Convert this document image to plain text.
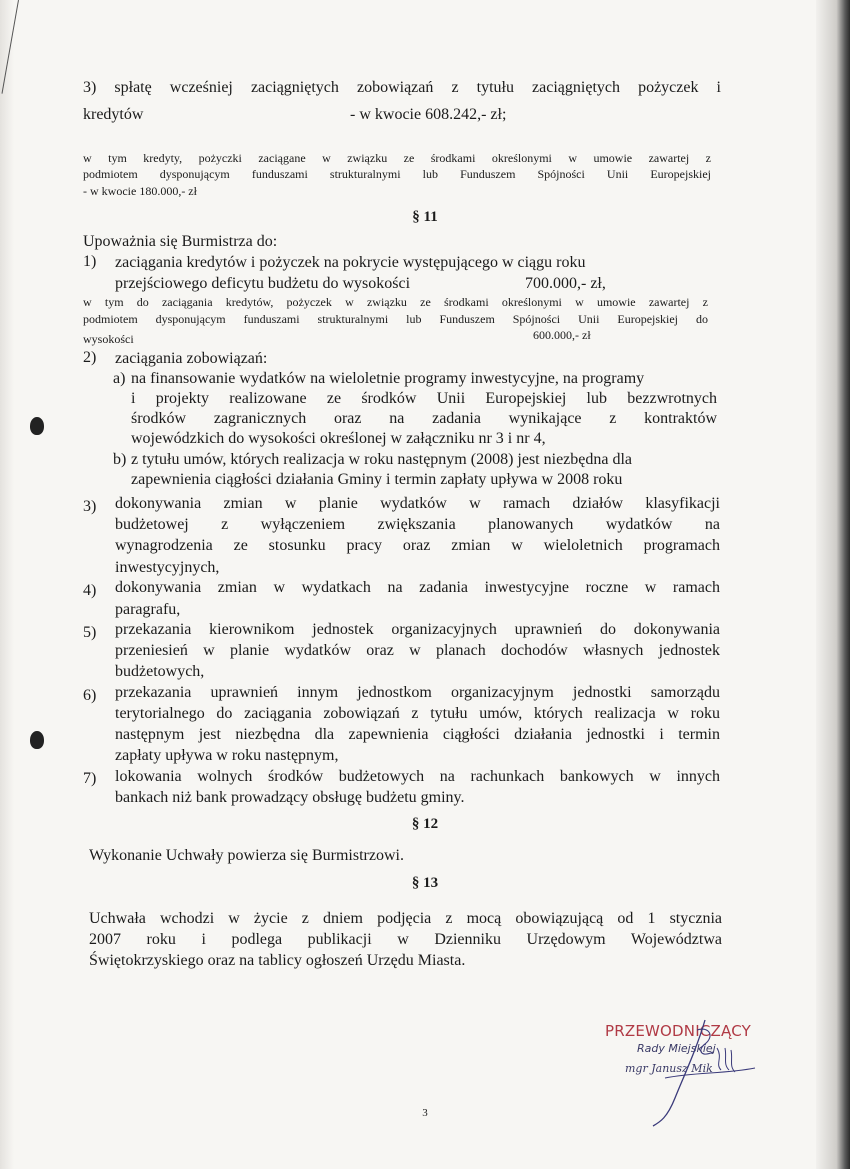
3) spłatę wcześniej zaciągniętych zobowiązań z tytułu zaciągniętych pożyczek i
kredytów	- w kwocie 608.242,- zł;
w tym kredyty, pożyczki zaciągane w związku ze środkami określonymi w umowie zawartej z
podmiotem dysponującym funduszami strukturalnymi lub Funduszem Spójności Unii Europejskiej
- w kwocie 180.000,- zł
§ 11
Upoważnia się Burmistrza do:
1) zaciągania kredytów i pożyczek na pokrycie występującego w ciągu roku
przejściowego deficytu budżetu do wysokości	700.000,- zł,
w tym do zaciągania kredytów, pożyczek w związku ze środkami określonymi w umowie zawartej z
podmiotem dysponującym funduszami strukturalnymi lub Funduszem Spójności Unii Europejskiej do
wysokości	600.000,- zł
2) zaciągania zobowiązań:
a) na finansowanie wydatków na wieloletnie programy inwestycyjne, na programy
i projekty realizowane ze środków Unii Europejskiej lub bezzwrotnych
środków zagranicznych oraz na zadania wynikające z kontraktów
wojewódzkich do wysokości określonej w załączniku nr 3 i nr 4,
b) z tytułu umów, których realizacja w roku następnym (2008) jest niezbędna dla
zapewnienia ciągłości działania Gminy i termin zapłaty upływa w 2008 roku
3) dokonywania zmian w planie wydatków w ramach działów klasyfikacji
budżetowej z wyłączeniem zwiększania planowanych wydatków na
wynagrodzenia ze stosunku pracy oraz zmian w wieloletnich programach
inwestycyjnych,
4) dokonywania zmian w wydatkach na zadania inwestycyjne roczne w ramach
paragrafu,
5) przekazania kierownikom jednostek organizacyjnych uprawnień do dokonywania
przeniesień w planie wydatków oraz w planach dochodów własnych jednostek
budżetowych,
6) przekazania uprawnień innym jednostkom organizacyjnym jednostki samorządu
terytorialnego do zaciągania zobowiązań z tytułu umów, których realizacja w roku
następnym jest niezbędna dla zapewnienia ciągłości działania jednostki i termin
zapłaty upływa w roku następnym,
7) lokowania wolnych środków budżetowych na rachunkach bankowych w innych
bankach niż bank prowadzący obsługę budżetu gminy.
§ 12
Wykonanie Uchwały powierza się Burmistrzowi.
§ 13
Uchwała wchodzi w życie z dniem podjęcia z mocą obowiązującą od 1 stycznia
2007 roku i podlega publikacji w Dzienniku Urzędowym Województwa
Świętokrzyskiego oraz na tablicy ogłoszeń Urzędu Miasta.
PRZEWODNICZĄCY
Rady Miejskiej
mgr Janusz Mik
3
